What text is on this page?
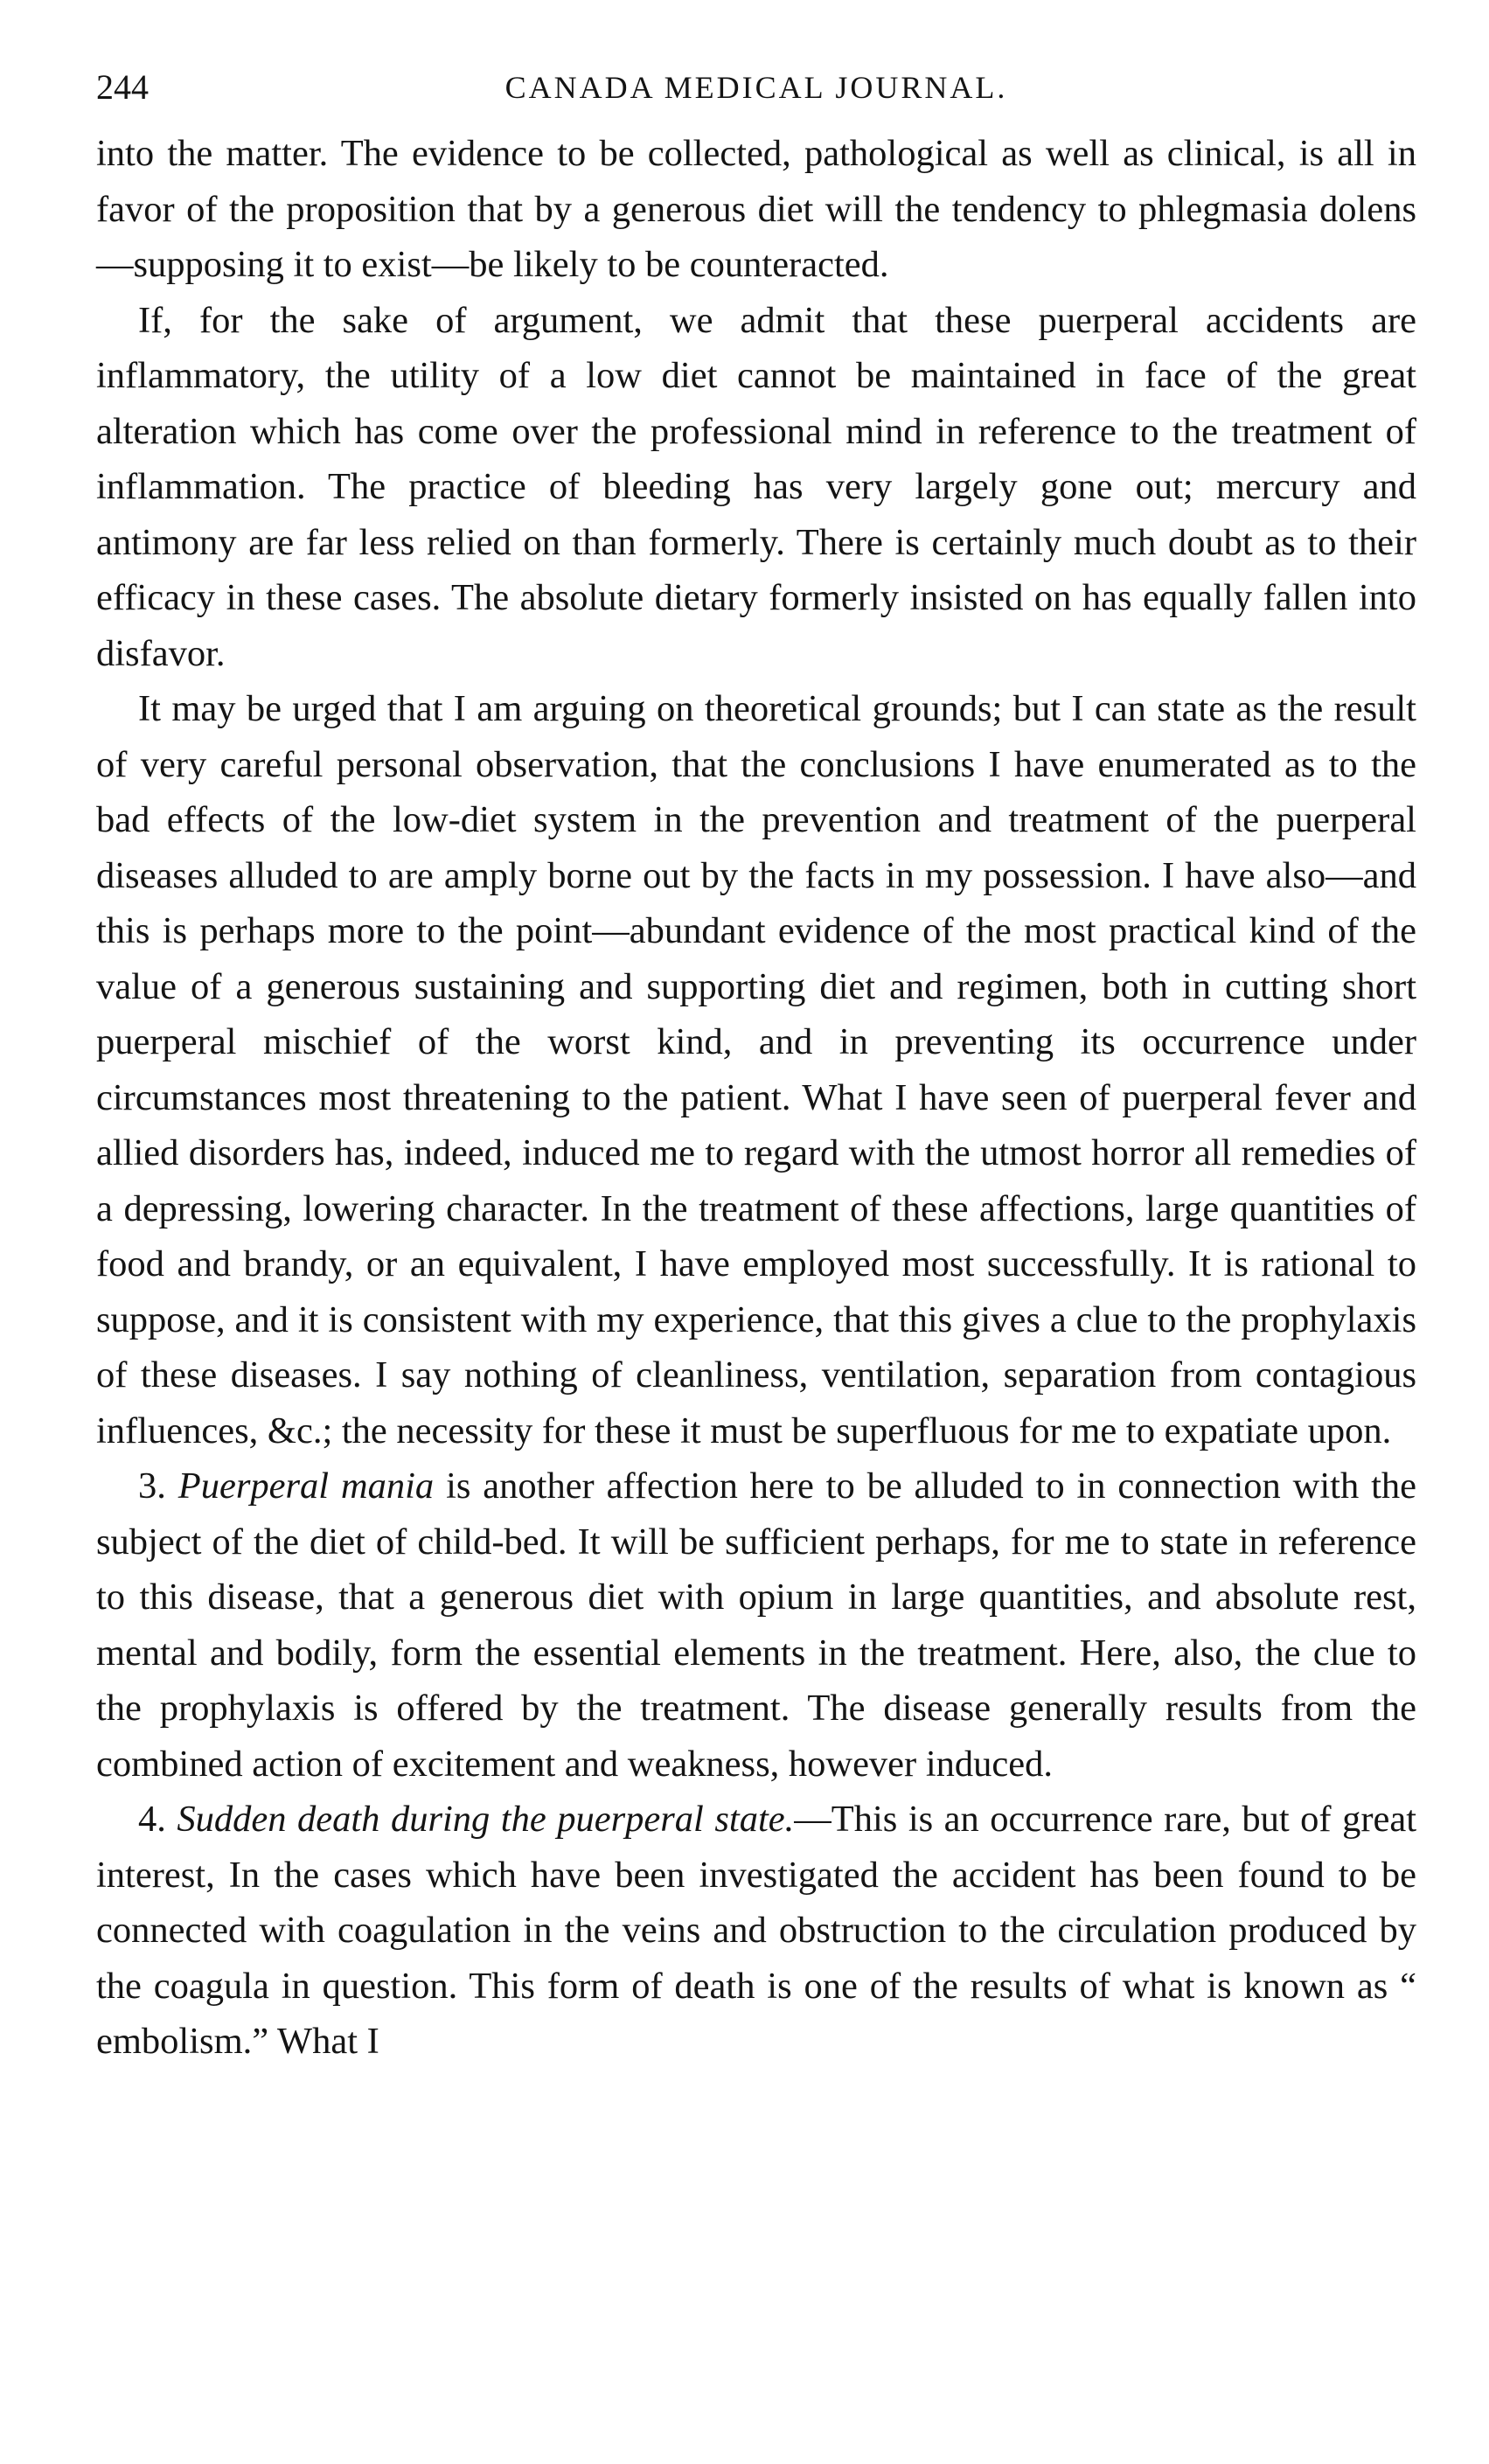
244	CANADA MEDICAL JOURNAL.

into the matter. The evidence to be collected, pathological as well as clinical, is all in favor of the proposition that by a generous diet will the tendency to phlegmasia dolens—supposing it to exist—be likely to be counteracted.

If, for the sake of argument, we admit that these puerperal accidents are inflammatory, the utility of a low diet cannot be maintained in face of the great alteration which has come over the professional mind in reference to the treatment of inflammation. The practice of bleeding has very largely gone out; mercury and antimony are far less relied on than formerly. There is certainly much doubt as to their efficacy in these cases. The absolute dietary formerly insisted on has equally fallen into disfavor.

It may be urged that I am arguing on theoretical grounds; but I can state as the result of very careful personal observation, that the conclusions I have enumerated as to the bad effects of the low-diet system in the prevention and treatment of the puerperal diseases alluded to are amply borne out by the facts in my possession. I have also—and this is perhaps more to the point—abundant evidence of the most practical kind of the value of a generous sustaining and supporting diet and regimen, both in cutting short puerperal mischief of the worst kind, and in preventing its occurrence under circumstances most threatening to the patient. What I have seen of puerperal fever and allied disorders has, indeed, induced me to regard with the utmost horror all remedies of a depressing, lowering character. In the treatment of these affections, large quantities of food and brandy, or an equivalent, I have employed most successfully. It is rational to suppose, and it is consistent with my experience, that this gives a clue to the prophylaxis of these diseases. I say nothing of cleanliness, ventilation, separation from contagious influences, &c.; the necessity for these it must be superfluous for me to expatiate upon.

3. Puerperal mania is another affection here to be alluded to in connection with the subject of the diet of child-bed. It will be sufficient perhaps, for me to state in reference to this disease, that a generous diet with opium in large quantities, and absolute rest, mental and bodily, form the essential elements in the treatment. Here, also, the clue to the prophylaxis is offered by the treatment. The disease generally results from the combined action of excitement and weakness, however induced.

4. Sudden death during the puerperal state.—This is an occurrence rare, but of great interest, In the cases which have been investigated the accident has been found to be connected with coagulation in the veins and obstruction to the circulation produced by the coagula in question. This form of death is one of the results of what is known as “ embolism.” What I
